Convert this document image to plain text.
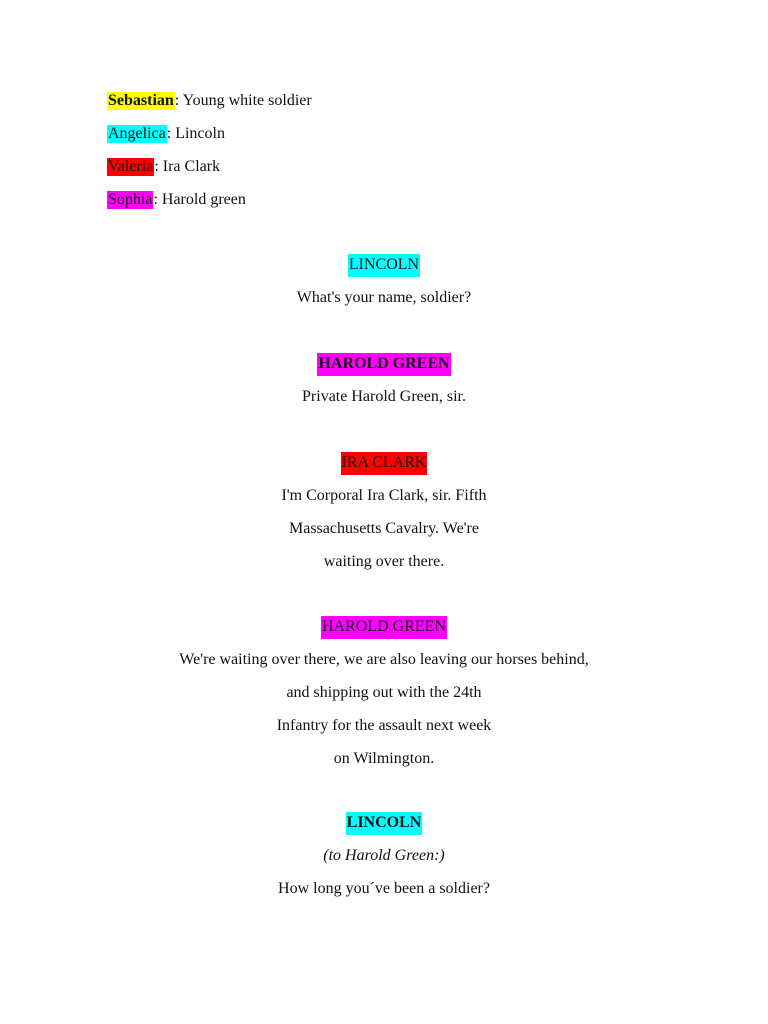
Sebastian: Young white soldier
Angelica: Lincoln
Valeria: Ira Clark
Sophia: Harold green
LINCOLN
What's your name, soldier?
HAROLD GREEN
Private Harold Green, sir.
IRA CLARK
I'm Corporal Ira Clark, sir. Fifth
Massachusetts Cavalry. We're
waiting over there.
HAROLD GREEN
We're waiting over there, we are also leaving our horses behind,
and shipping out with the 24th
Infantry for the assault next week
on Wilmington.
LINCOLN
(to Harold Green:)
How long you´ve been a soldier?
